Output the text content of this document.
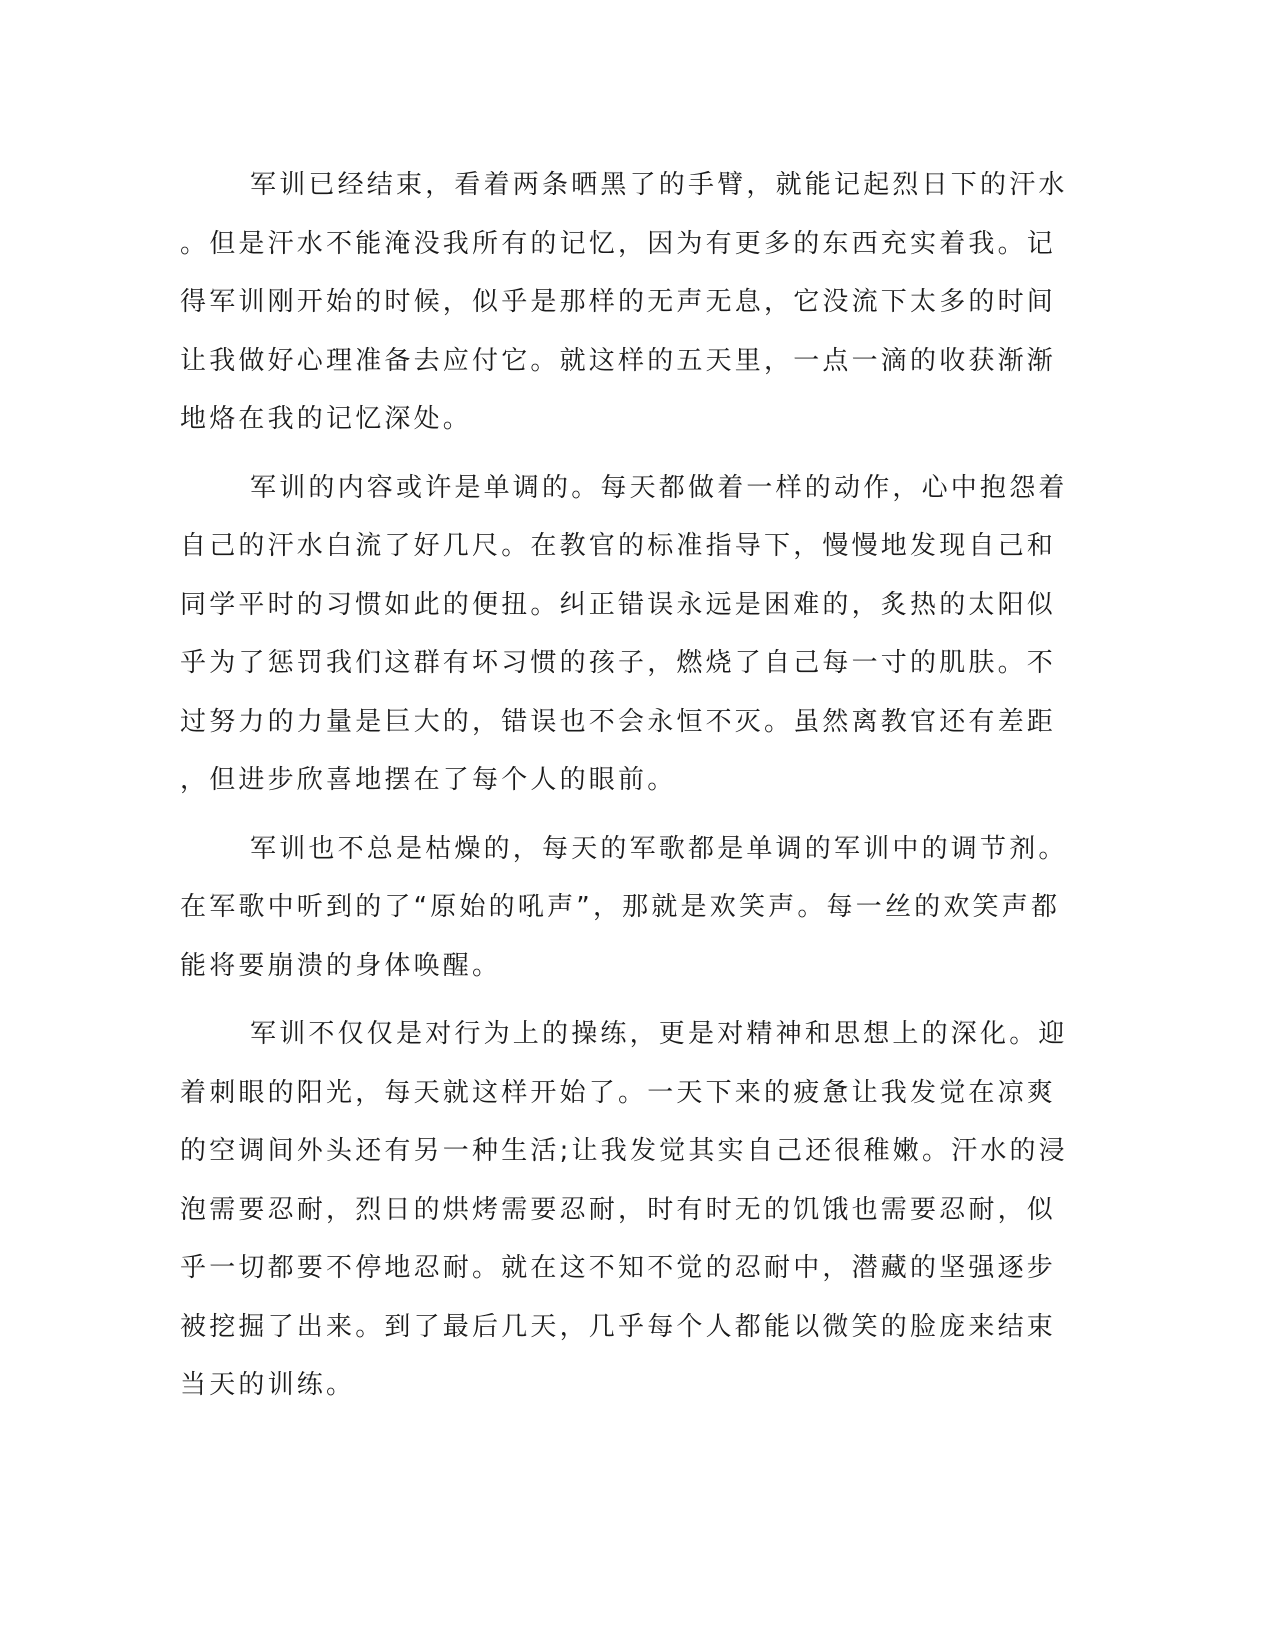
军训已经结束，看着两条晒黑了的手臂，就能记起烈日下的汗水
。但是汗水不能淹没我所有的记忆，因为有更多的东西充实着我。记
得军训刚开始的时候，似乎是那样的无声无息，它没流下太多的时间
让我做好心理准备去应付它。就这样的五天里，一点一滴的收获渐渐
地烙在我的记忆深处。
军训的内容或许是单调的。每天都做着一样的动作，心中抱怨着
自己的汗水白流了好几尺。在教官的标准指导下，慢慢地发现自己和
同学平时的习惯如此的便扭。纠正错误永远是困难的，炙热的太阳似
乎为了惩罚我们这群有坏习惯的孩子，燃烧了自己每一寸的肌肤。不
过努力的力量是巨大的，错误也不会永恒不灭。虽然离教官还有差距
，但进步欣喜地摆在了每个人的眼前。
军训也不总是枯燥的，每天的军歌都是单调的军训中的调节剂。
在军歌中听到的了“原始的吼声”，那就是欢笑声。每一丝的欢笑声都
能将要崩溃的身体唤醒。
军训不仅仅是对行为上的操练，更是对精神和思想上的深化。迎
着刺眼的阳光，每天就这样开始了。一天下来的疲惫让我发觉在凉爽
的空调间外头还有另一种生活;让我发觉其实自己还很稚嫩。汗水的浸
泡需要忍耐，烈日的烘烤需要忍耐，时有时无的饥饿也需要忍耐，似
乎一切都要不停地忍耐。就在这不知不觉的忍耐中，潜藏的坚强逐步
被挖掘了出来。到了最后几天，几乎每个人都能以微笑的脸庞来结束
当天的训练。
